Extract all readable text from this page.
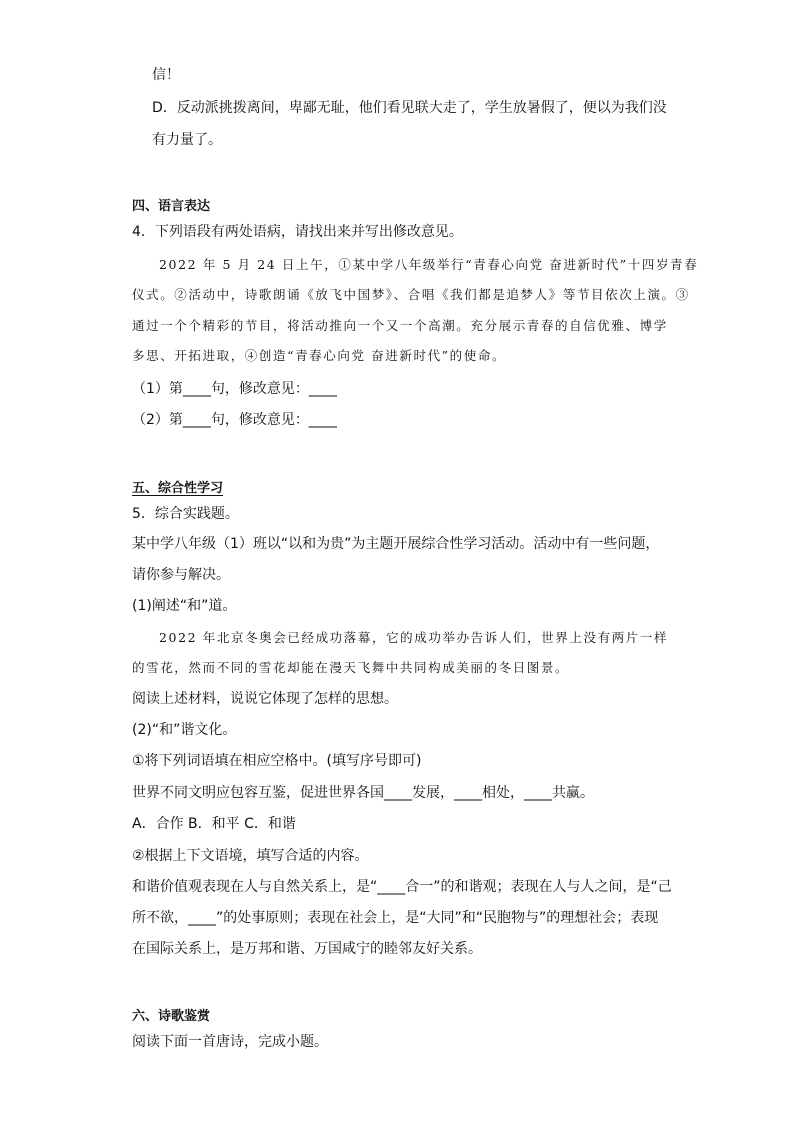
信！
D．反动派挑拨离间，卑鄙无耻，他们看见联大走了，学生放暑假了，便以为我们没
有力量了。
四、语言表达
4．下列语段有两处语病，请找出来并写出修改意见。
2022 年 5 月 24 日上午，①某中学八年级举行“青春心向党 奋进新时代”十四岁青春
仪式。②活动中，诗歌朗诵《放飞中国梦》、合唱《我们都是追梦人》等节目依次上演。③
通过一个个精彩的节目，将活动推向一个又一个高潮。充分展示青春的自信优雅、博学
多思、开拓进取，④创造“青春心向党 奋进新时代”的使命。
（1）第____句，修改意见：____
（2）第____句，修改意见：____
五、综合性学习
5．综合实践题。
某中学八年级（1）班以“以和为贵”为主题开展综合性学习活动。活动中有一些问题，
请你参与解决。
(1)阐述“和”道。
2022 年北京冬奥会已经成功落幕，它的成功举办告诉人们，世界上没有两片一样
的雪花，然而不同的雪花却能在漫天飞舞中共同构成美丽的冬日图景。
阅读上述材料，说说它体现了怎样的思想。
(2)“和”谐文化。
①将下列词语填在相应空格中。(填写序号即可)
世界不同文明应包容互鉴，促进世界各国____发展，____相处，____共赢。
A．合作 B．和平 C．和谐
②根据上下文语境，填写合适的内容。
和谐价值观表现在人与自然关系上，是“____合一”的和谐观；表现在人与人之间，是“己
所不欲，____”的处事原则；表现在社会上，是“大同”和“民胞物与”的理想社会；表现
在国际关系上，是万邦和谐、万国咸宁的睦邻友好关系。
六、诗歌鉴赏
阅读下面一首唐诗，完成小题。
